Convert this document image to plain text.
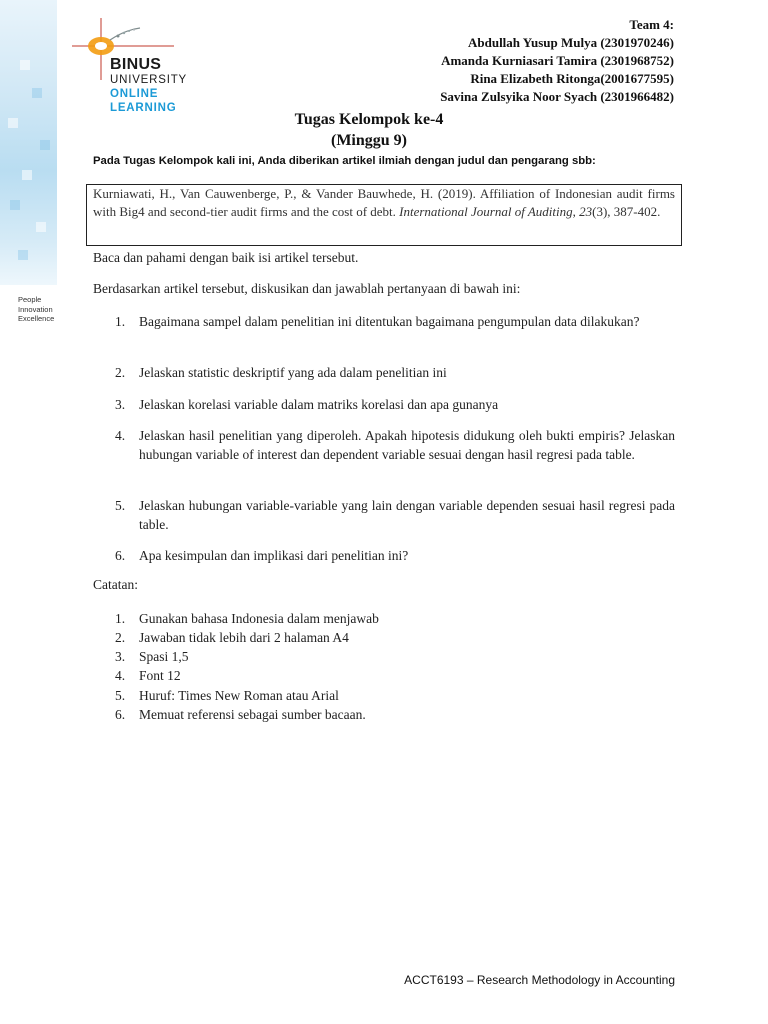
People
Innovation
Excellence
BINUS
UNIVERSITY
ONLINE
LEARNING
Team 4:
Abdullah Yusup Mulya (2301970246)
Amanda Kurniasari Tamira (2301968752)
Rina Elizabeth Ritonga(2001677595)
Savina Zulsyika Noor Syach (2301966482)
Tugas Kelompok ke-4
(Minggu 9)
Pada Tugas Kelompok kali ini, Anda diberikan artikel ilmiah dengan judul dan pengarang sbb:

Kurniawati, H., Van Cauwenberge, P., & Vander Bauwhede, H. (2019). Affiliation of Indonesian audit firms with Big4 and second-tier audit firms and the cost of debt. International Journal of Auditing, 23(3), 387-402.

Baca dan pahami dengan baik isi artikel tersebut.
Berdasarkan artikel tersebut, diskusikan dan jawablah pertanyaan di bawah ini:
1. Bagaimana sampel dalam penelitian ini ditentukan bagaimana pengumpulan data dilakukan?
2. Jelaskan statistic deskriptif yang ada dalam penelitian ini
3. Jelaskan korelasi variable dalam matriks korelasi dan apa gunanya
4. Jelaskan hasil penelitian yang diperoleh. Apakah hipotesis didukung oleh bukti empiris? Jelaskan hubungan variable of interest dan dependent variable sesuai dengan hasil regresi pada table.
5. Jelaskan hubungan variable-variable yang lain dengan variable dependen sesuai hasil regresi pada table.
6. Apa kesimpulan dan implikasi dari penelitian ini?
Catatan:
1. Gunakan bahasa Indonesia dalam menjawab
2. Jawaban tidak lebih dari 2 halaman A4
3. Spasi 1,5
4. Font 12
5. Huruf: Times New Roman atau Arial
6. Memuat referensi sebagai sumber bacaan.
ACCT6193 – Research Methodology in Accounting
